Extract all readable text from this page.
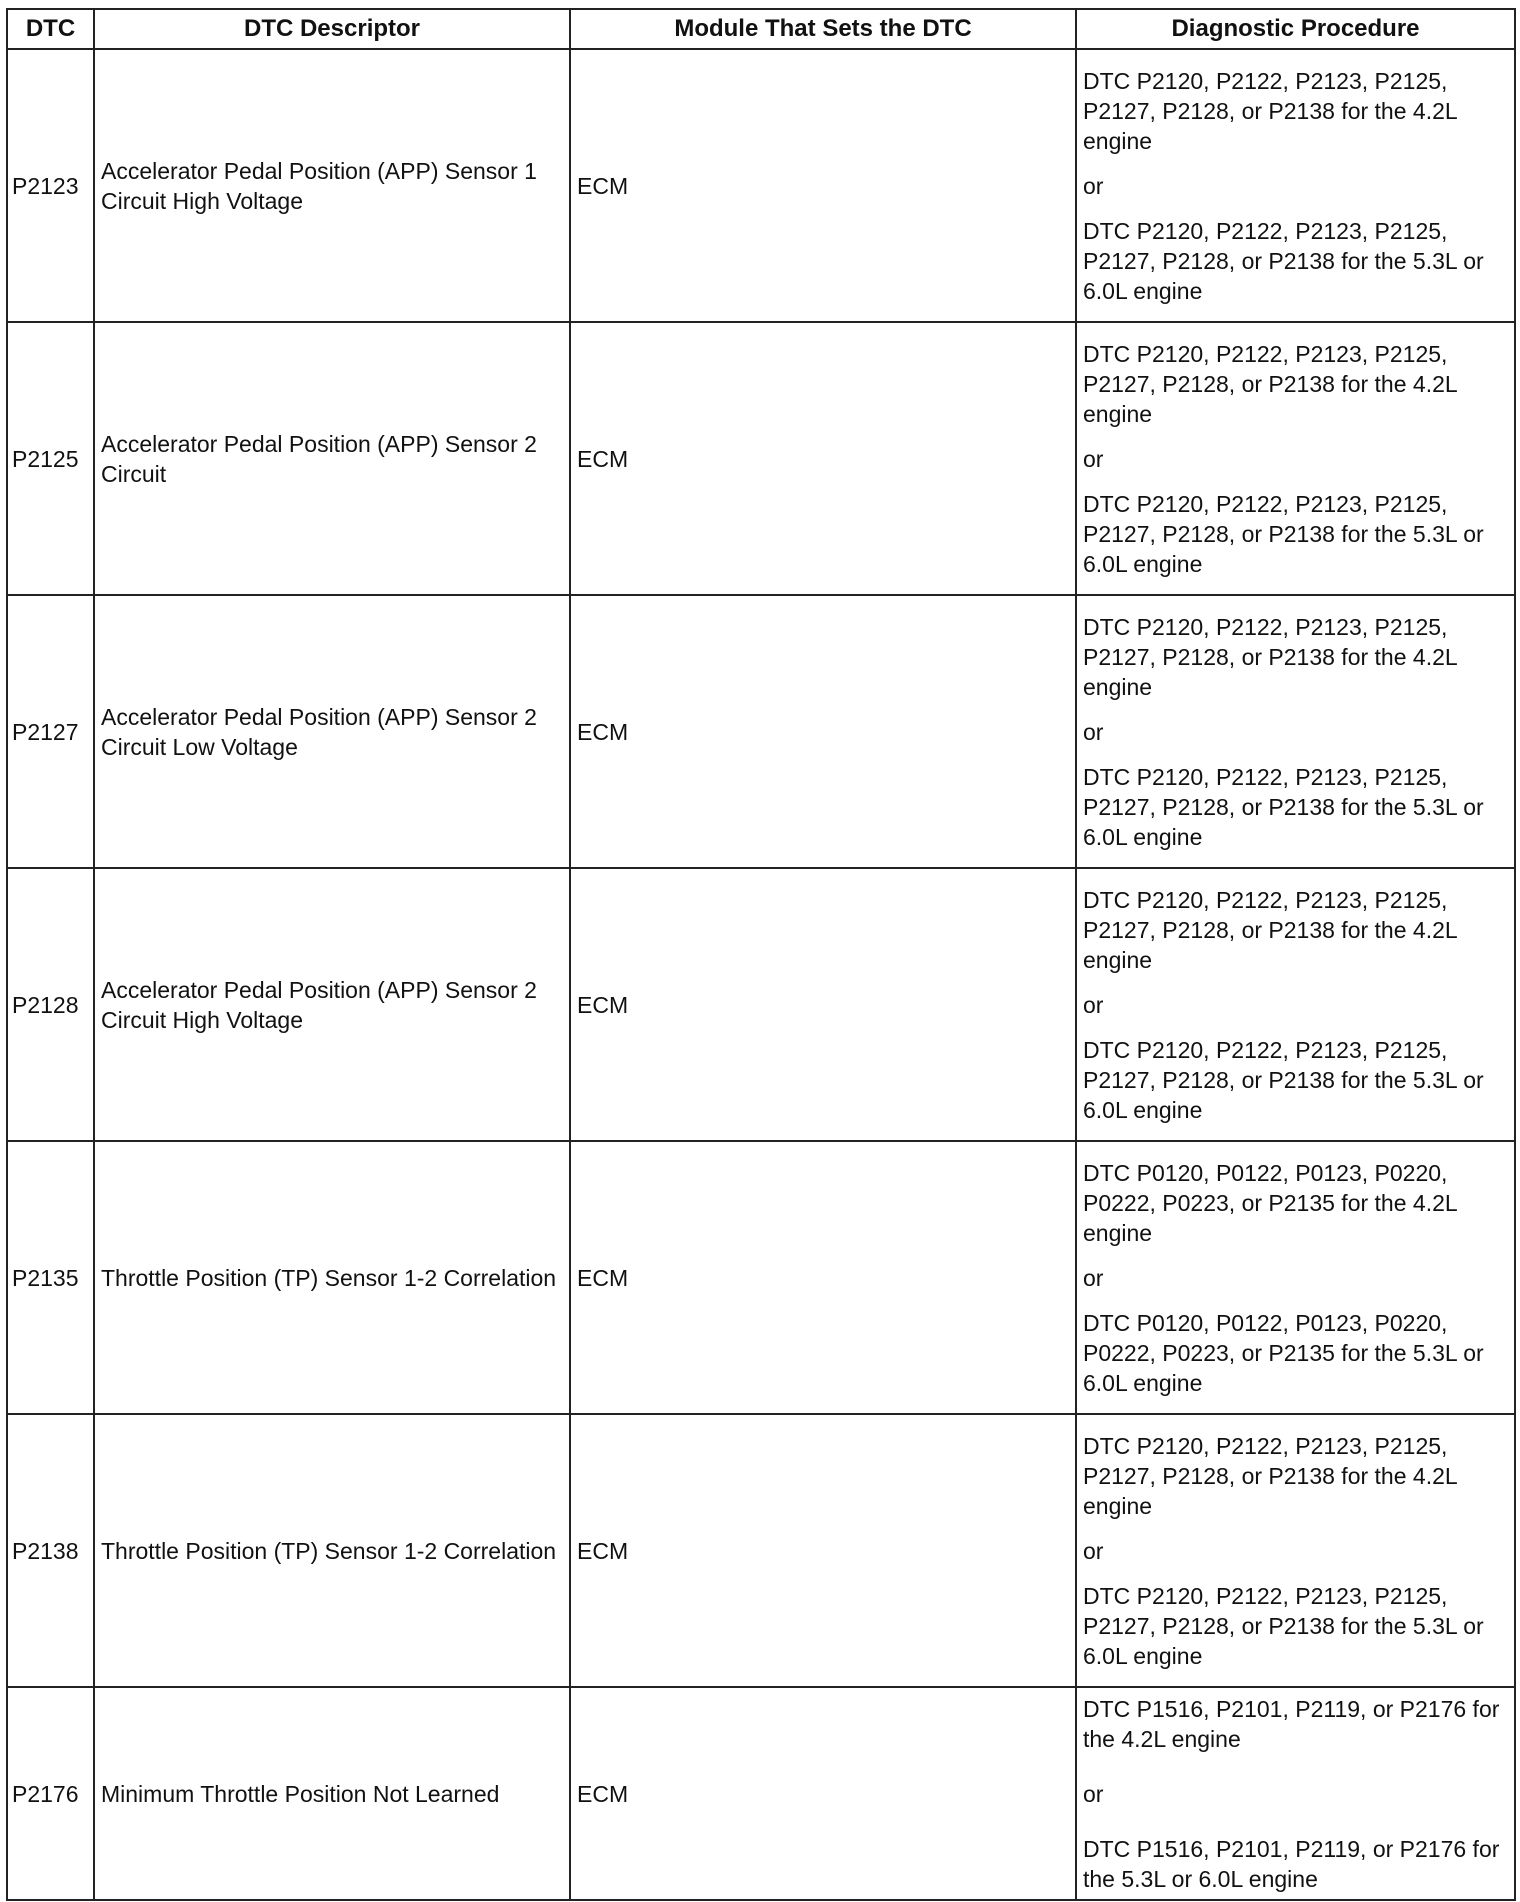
DTC	DTC Descriptor	Module That Sets the DTC	Diagnostic Procedure
P2123	Accelerator Pedal Position (APP) Sensor 1 Circuit High Voltage	ECM	DTC P2120, P2122, P2123, P2125, P2127, P2128, or P2138 for the 4.2L engine
or
DTC P2120, P2122, P2123, P2125, P2127, P2128, or P2138 for the 5.3L or 6.0L engine

P2125	Accelerator Pedal Position (APP) Sensor 2 Circuit	ECM	DTC P2120, P2122, P2123, P2125, P2127, P2128, or P2138 for the 4.2L engine
or
DTC P2120, P2122, P2123, P2125, P2127, P2128, or P2138 for the 5.3L or 6.0L engine

P2127	Accelerator Pedal Position (APP) Sensor 2 Circuit Low Voltage	ECM	DTC P2120, P2122, P2123, P2125, P2127, P2128, or P2138 for the 4.2L engine
or
DTC P2120, P2122, P2123, P2125, P2127, P2128, or P2138 for the 5.3L or 6.0L engine

P2128	Accelerator Pedal Position (APP) Sensor 2 Circuit High Voltage	ECM	DTC P2120, P2122, P2123, P2125, P2127, P2128, or P2138 for the 4.2L engine
or
DTC P2120, P2122, P2123, P2125, P2127, P2128, or P2138 for the 5.3L or 6.0L engine

P2135	Throttle Position (TP) Sensor 1-2 Correlation	ECM	DTC P0120, P0122, P0123, P0220, P0222, P0223, or P2135 for the 4.2L engine
or
DTC P0120, P0122, P0123, P0220, P0222, P0223, or P2135 for the 5.3L or 6.0L engine

P2138	Throttle Position (TP) Sensor 1-2 Correlation	ECM	DTC P2120, P2122, P2123, P2125, P2127, P2128, or P2138 for the 4.2L engine
or
DTC P2120, P2122, P2123, P2125, P2127, P2128, or P2138 for the 5.3L or 6.0L engine

P2176	Minimum Throttle Position Not Learned	ECM	DTC P1516, P2101, P2119, or P2176 for the 4.2L engine
or
DTC P1516, P2101, P2119, or P2176 for the 5.3L or 6.0L engine
